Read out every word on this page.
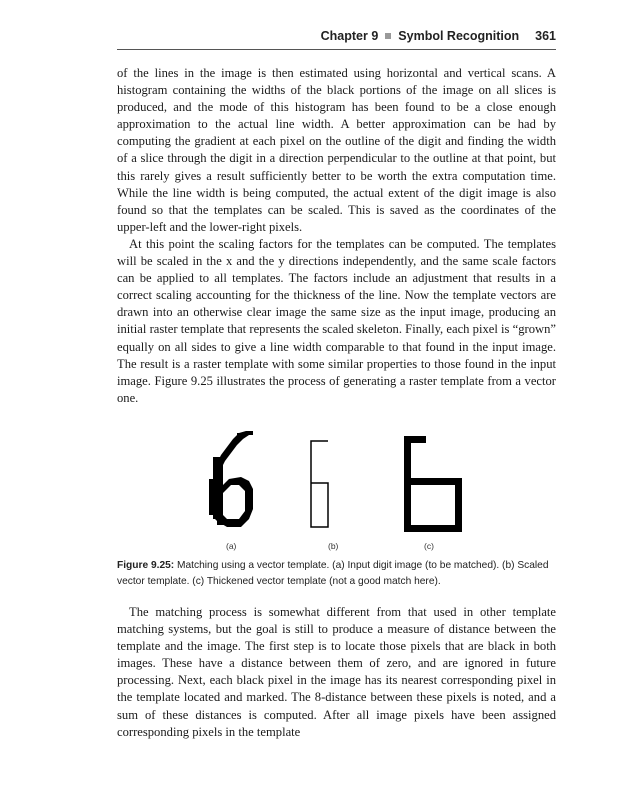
Chapter 9 Symbol Recognition 361

of the lines in the image is then estimated using horizontal and vertical scans. A histogram containing the widths of the black portions of the image on all slices is produced, and the mode of this histogram has been found to be a close enough approximation to the actual line width. A better approximation can be had by computing the gradient at each pixel on the outline of the digit and finding the width of a slice through the digit in a direction perpendicular to the outline at that point, but this rarely gives a result sufficiently better to be worth the extra computation time. While the line width is being computed, the actual extent of the digit image is also found so that the templates can be scaled. This is saved as the coordinates of the upper-left and the lower-right pixels.

At this point the scaling factors for the templates can be computed. The templates will be scaled in the x and the y directions independently, and the same scale factors can be applied to all templates. The factors include an adjustment that results in a correct scaling accounting for the thickness of the line. Now the template vectors are drawn into an otherwise clear image the same size as the input image, producing an initial raster template that represents the scaled skeleton. Finally, each pixel is “grown” equally on all sides to give a line width comparable to that found in the input image. The result is a raster template with some similar properties to those found in the input image. Figure 9.25 illustrates the process of generating a raster template from a vector one.

(a)	(b)	(c)
Figure 9.25: Matching using a vector template. (a) Input digit image (to be matched). (b) Scaled vector template. (c) Thickened vector template (not a good match here).

The matching process is somewhat different from that used in other template matching systems, but the goal is still to produce a measure of distance between the template and the image. The first step is to locate those pixels that are black in both images. These have a distance between them of zero, and are ignored in future processing. Next, each black pixel in the image has its nearest corresponding pixel in the template located and marked. The 8-distance between these pixels is noted, and a sum of these distances is computed. After all image pixels have been assigned corresponding pixels in the template
